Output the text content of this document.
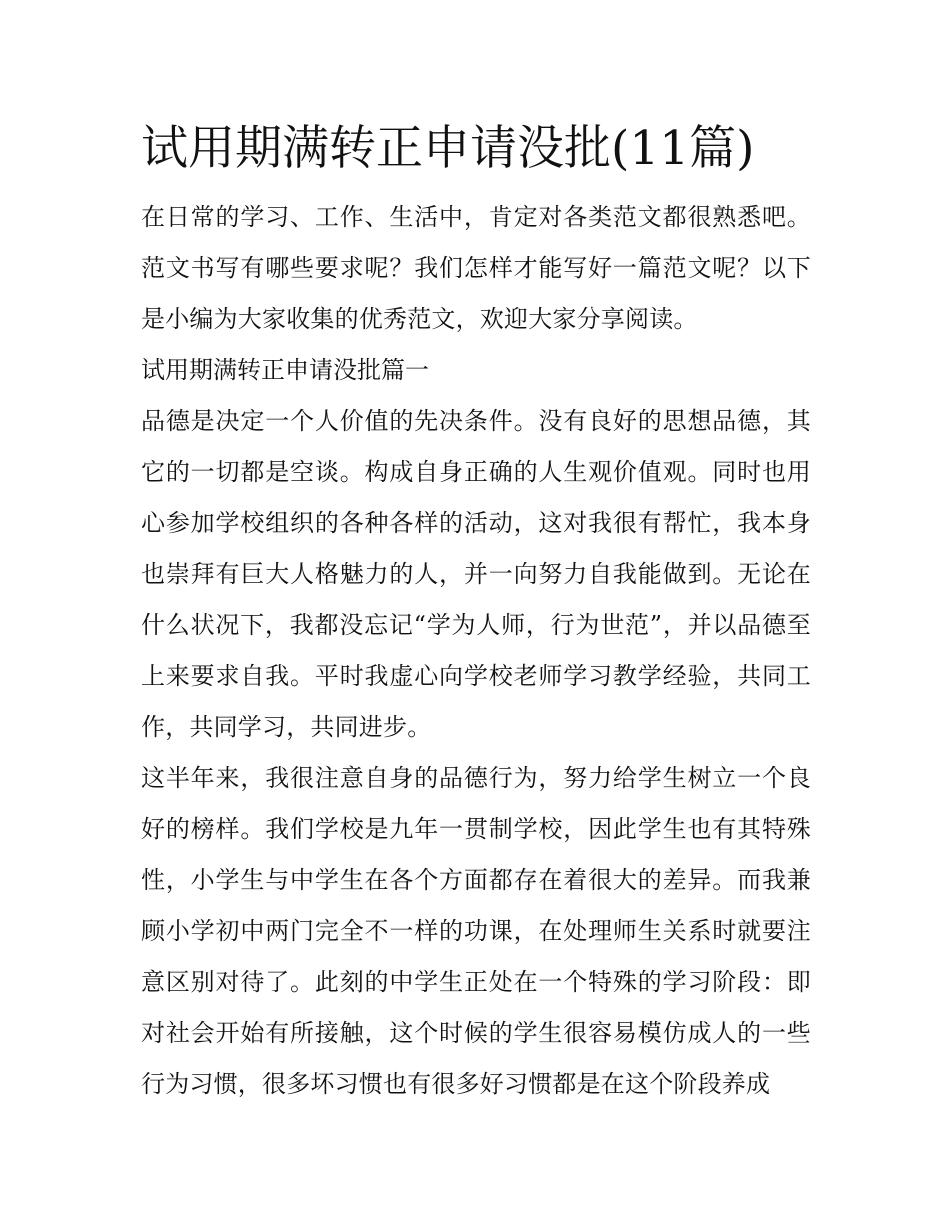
试用期满转正申请没批(11篇)

在日常的学习、工作、生活中，肯定对各类范文都很熟悉吧。范文书写有哪些要求呢？我们怎样才能写好一篇范文呢？以下是小编为大家收集的优秀范文，欢迎大家分享阅读。

试用期满转正申请没批篇一

品德是决定一个人价值的先决条件。没有良好的思想品德，其它的一切都是空谈。构成自身正确的人生观价值观。同时也用心参加学校组织的各种各样的活动，这对我很有帮忙，我本身也崇拜有巨大人格魅力的人，并一向努力自我能做到。无论在什么状况下，我都没忘记“学为人师，行为世范”，并以品德至上来要求自我。平时我虚心向学校老师学习教学经验，共同工作，共同学习，共同进步。

这半年来，我很注意自身的品德行为，努力给学生树立一个良好的榜样。我们学校是九年一贯制学校，因此学生也有其特殊性，小学生与中学生在各个方面都存在着很大的差异。而我兼顾小学初中两门完全不一样的功课，在处理师生关系时就要注意区别对待了。此刻的中学生正处在一个特殊的学习阶段：即对社会开始有所接触，这个时候的学生很容易模仿成人的一些行为习惯，很多坏习惯也有很多好习惯都是在这个阶段养成
